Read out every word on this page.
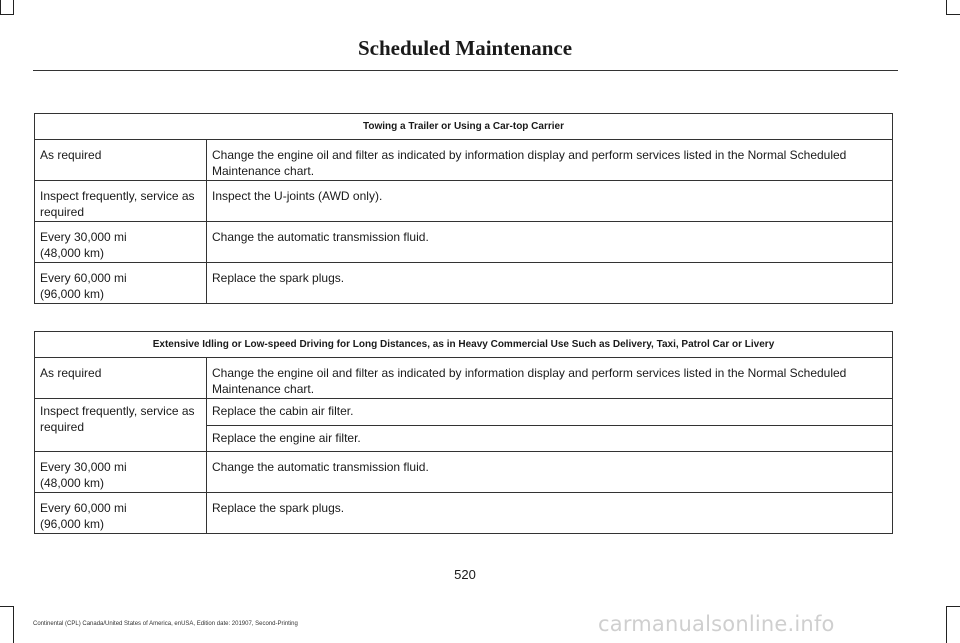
Scheduled Maintenance
Towing a Trailer or Using a Car-top Carrier	
As required	Change the engine oil and filter as indicated by information display and perform services listed in the Normal Scheduled Maintenance chart.
Inspect frequently, service as required	Inspect the U-joints (AWD only).

Every 30,000 mi
(48,000 km)	Change the automatic transmission fluid.

Every 60,000 mi
(96,000 km)	Replace the spark plugs.
Extensive Idling or Low-speed Driving for Long Distances, as in Heavy Commercial Use Such as Delivery, Taxi, Patrol Car or Livery	
As required	Change the engine oil and filter as indicated by information display and perform services listed in the Normal Scheduled Maintenance chart.
Inspect frequently, service as required	Replace the cabin air filter.
	Replace the engine air filter.

Every 30,000 mi
(48,000 km)	Change the automatic transmission fluid.

Every 60,000 mi
(96,000 km)	Replace the spark plugs.
520
Continental (CPL) Canada/United States of America, enUSA, Edition date: 201907, Second-Printing	carmanualsonline.info
